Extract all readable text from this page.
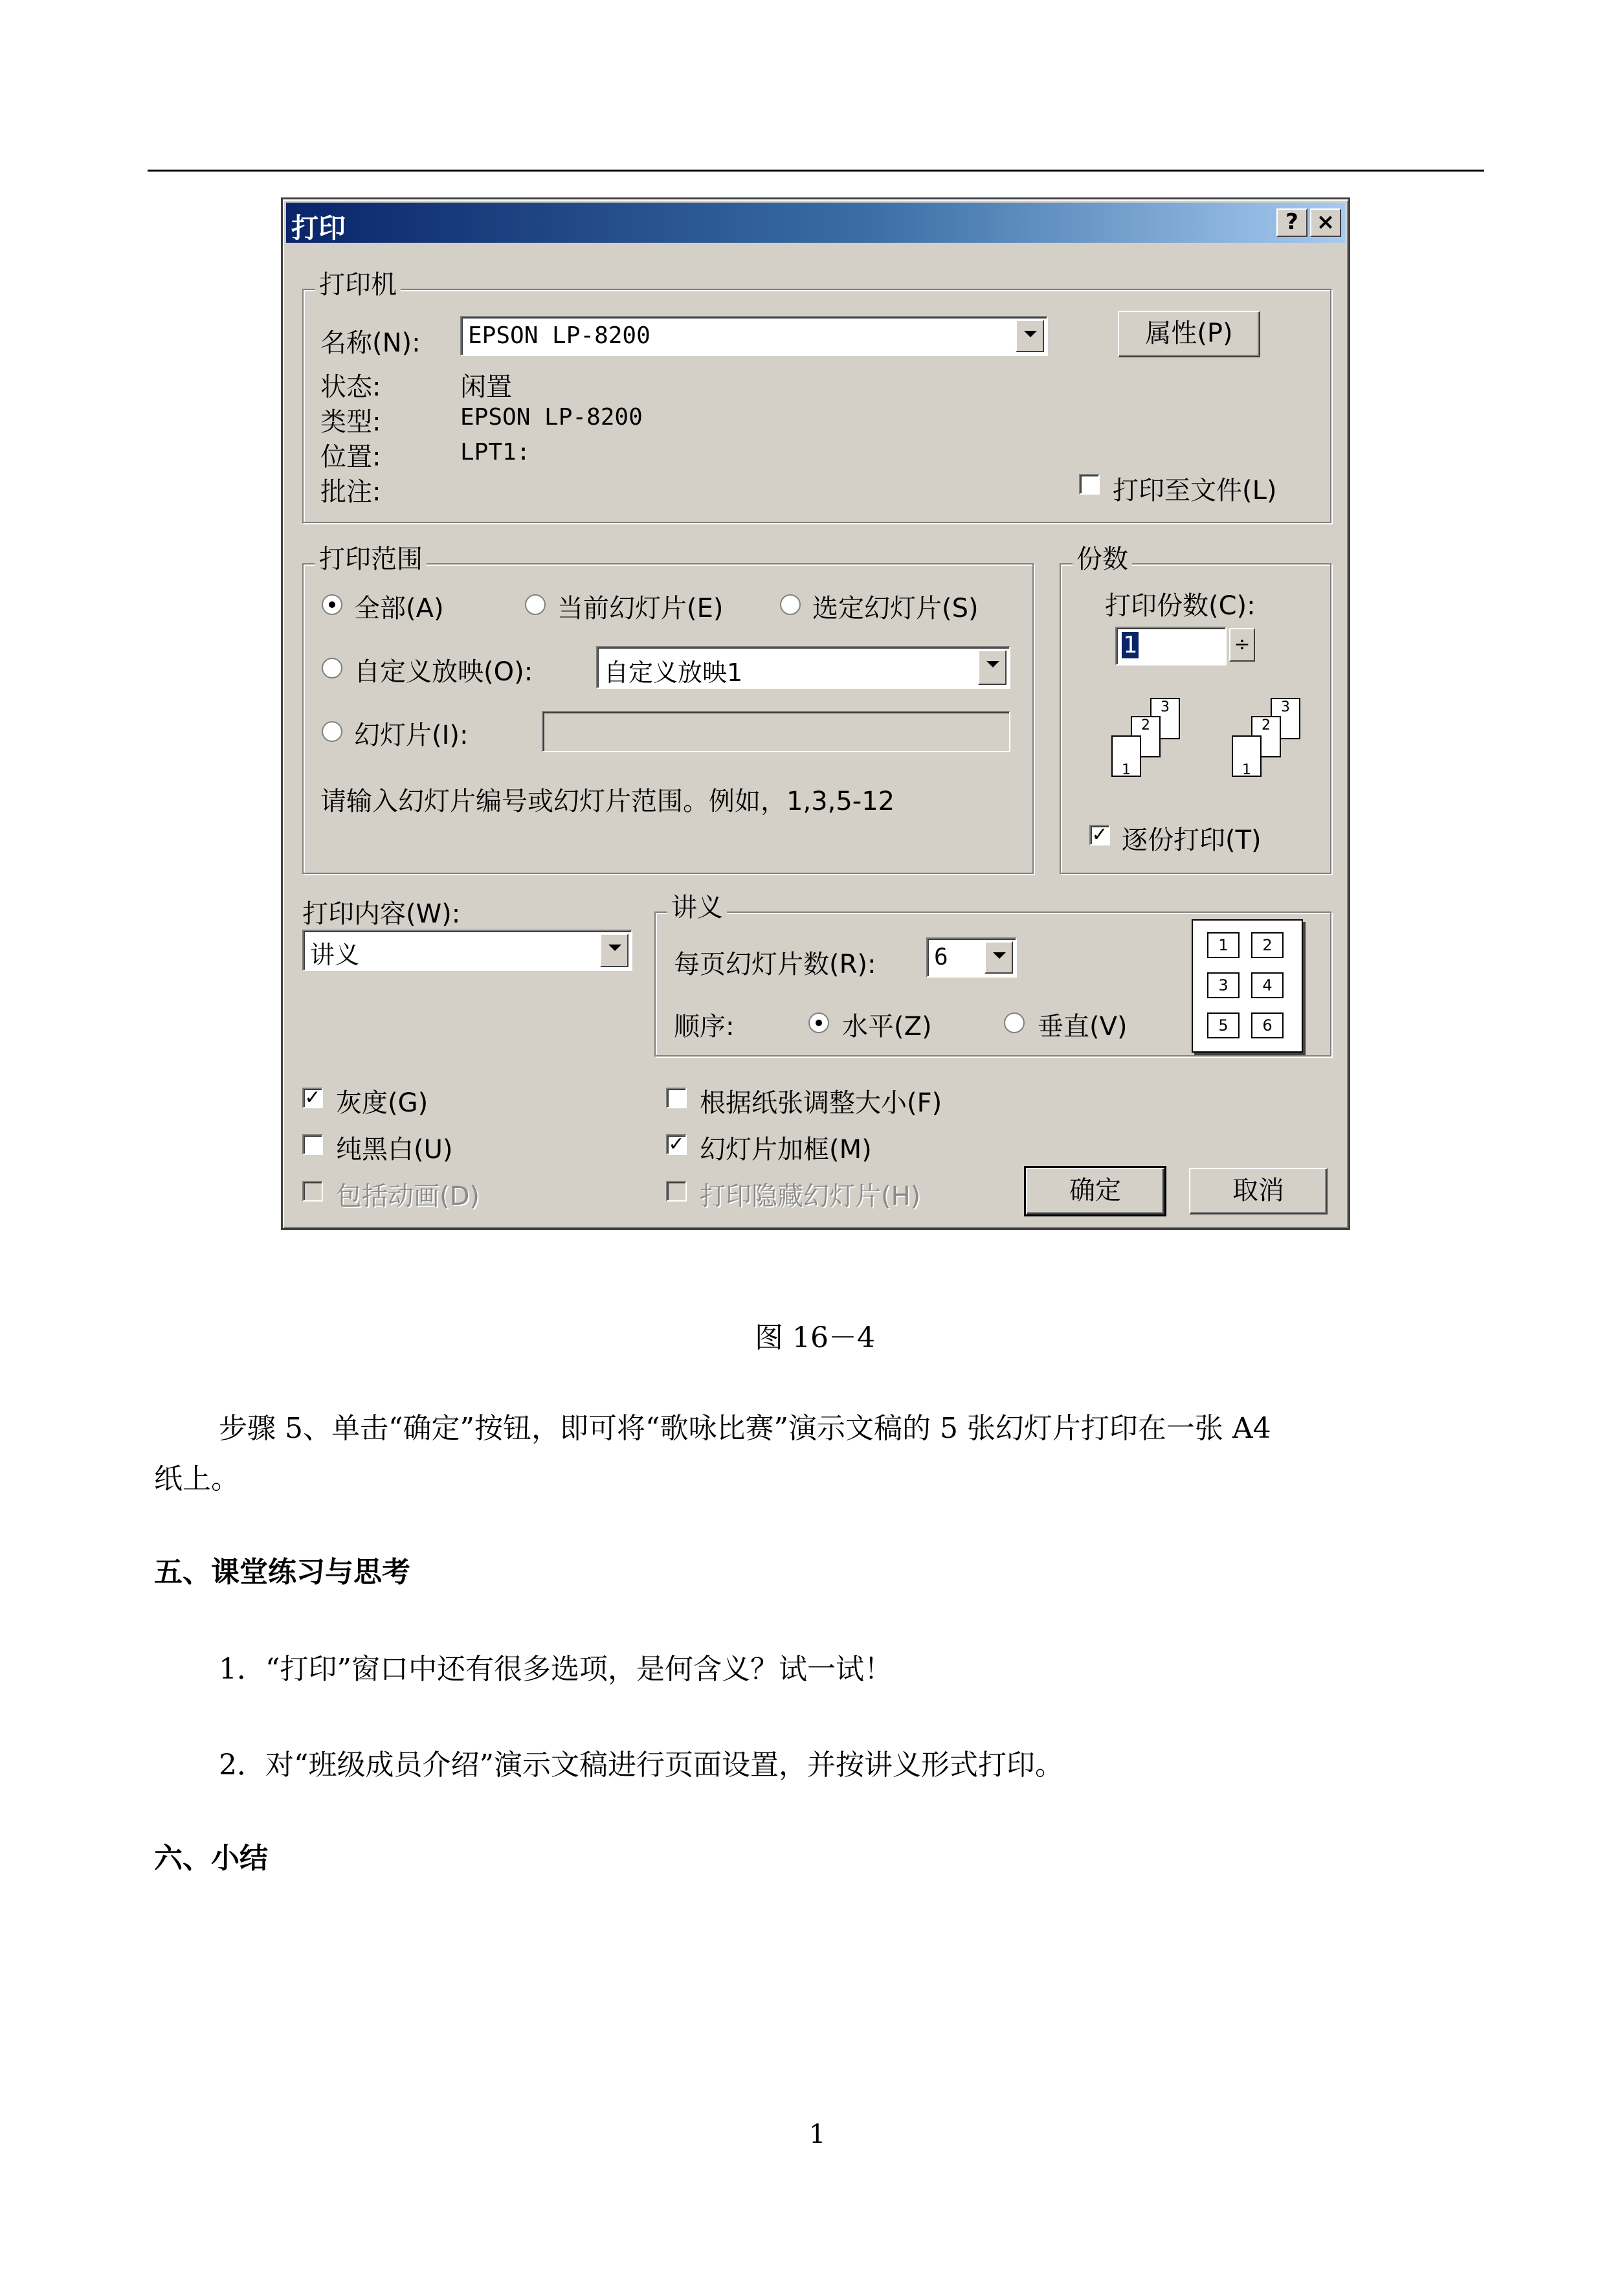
打印	? ×
打印机
名称(N): EPSON LP-8200	属性(P)
状态:	闲置
类型:	EPSON LP-8200
位置:	LPT1:
批注:	打印至文件(L)
打印范围
全部(A)	当前幻灯片(E)	选定幻灯片(S)
自定义放映(O):	自定义放映1
幻灯片(I):
请输入幻灯片编号或幻灯片范围。例如，1,3,5-12
份数
打印份数(C):
1	÷
3
2
1
3
2
1
✓ 逐份打印(T)
打印内容(W):
讲义
讲义
每页幻灯片数(R): 6
顺序:	水平(Z)	垂直(V)
1	2
3	4
5	6
✓ 灰度(G)
纯黑白(U)
包括动画(D)
根据纸张调整大小(F)
✓ 幻灯片加框(M)
打印隐藏幻灯片(H)	确定	取消
图 16－4
步骤 5、单击“确定”按钮，即可将“歌咏比赛”演示文稿的 5 张幻灯片打印在一张 A4
纸上。
五、课堂练习与思考
1．“打印”窗口中还有很多选项，是何含义？试一试！
2．对“班级成员介绍”演示文稿进行页面设置，并按讲义形式打印。
六、小结
1
